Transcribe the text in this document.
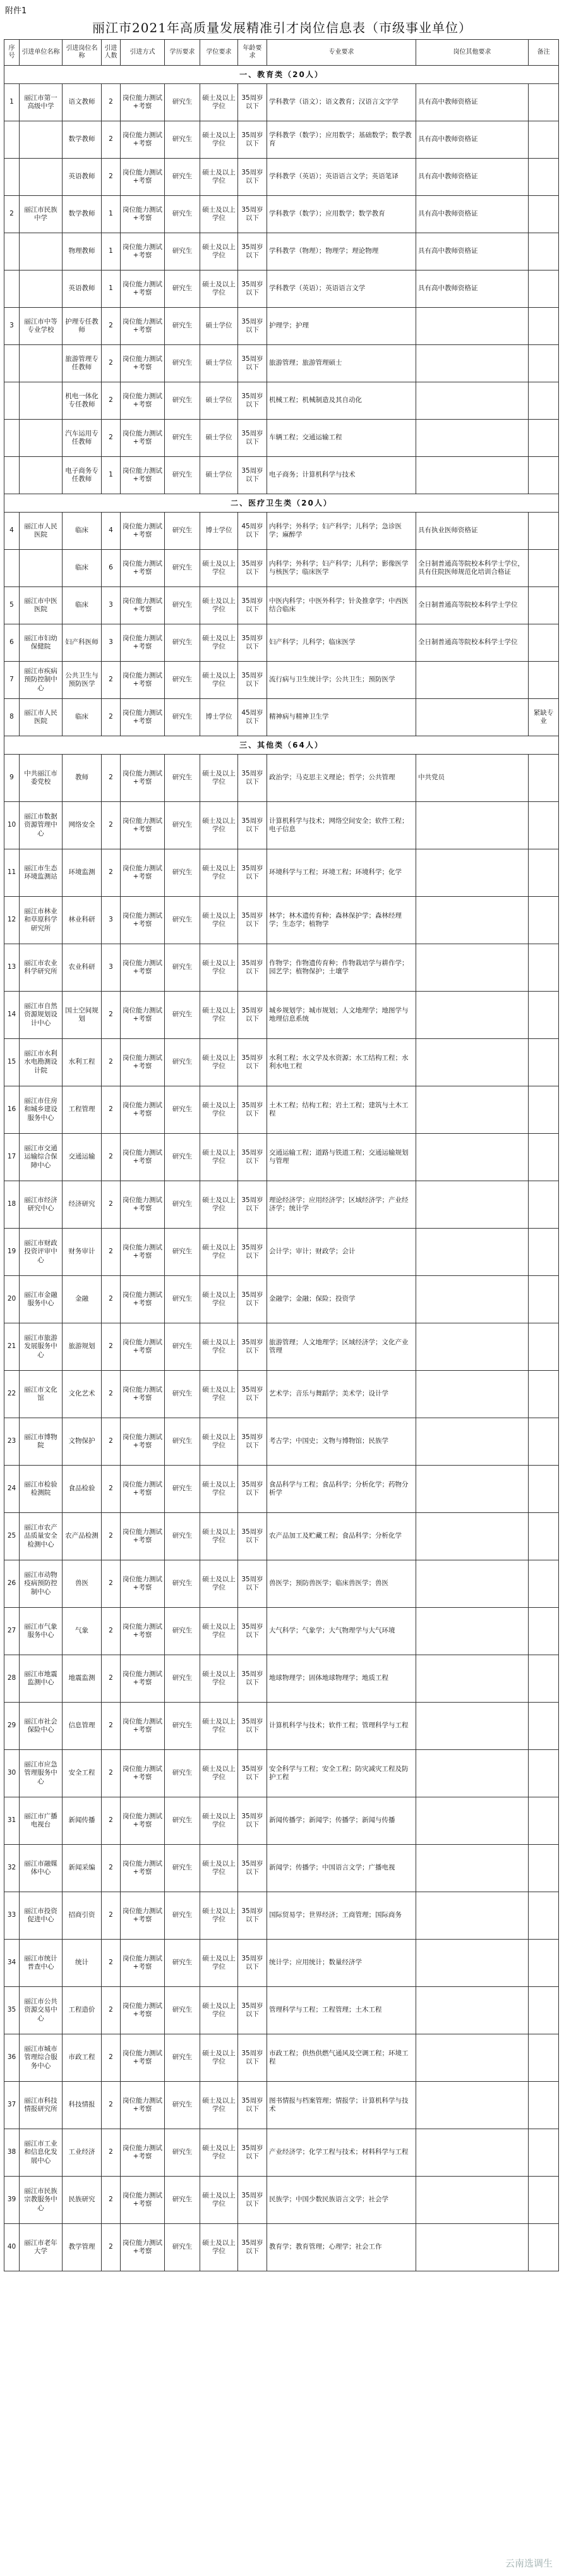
附件1
丽江市2021年高质量发展精准引才岗位信息表（市级事业单位）
序号	引进单位名称	引进岗位名称	引进人数	引进方式	学历要求	学位要求	年龄要求	专业要求	岗位其他要求	备注
一、教育类（20人）										
1	丽江市第一高级中学	语文教师	2	岗位能力测试+考察	研究生	硕士及以上学位	35周岁以下	学科教学（语文）；语文教育；汉语言文字学	具有高中教师资格证	
		数学教师	2	岗位能力测试+考察	研究生	硕士及以上学位	35周岁以下	学科教学（数学）；应用数学；基础数学；数学教育	具有高中教师资格证	
		英语教师	2	岗位能力测试+考察	研究生	硕士及以上学位	35周岁以下	学科教学（英语）；英语语言文学；英语笔译	具有高中教师资格证	
2	丽江市民族中学	数学教师	1	岗位能力测试+考察	研究生	硕士及以上学位	35周岁以下	学科教学（数学）；应用数学；数学教育	具有高中教师资格证	
		物理教师	1	岗位能力测试+考察	研究生	硕士及以上学位	35周岁以下	学科教学（物理）；物理学；理论物理	具有高中教师资格证	
		英语教师	1	岗位能力测试+考察	研究生	硕士及以上学位	35周岁以下	学科教学（英语）；英语语言文学	具有高中教师资格证	
3	丽江市中等专业学校	护理专任教师	2	岗位能力测试+考察	研究生	硕士学位	35周岁以下	护理学；护理		
		旅游管理专任教师	2	岗位能力测试+考察	研究生	硕士学位	35周岁以下	旅游管理；旅游管理硕士		
		机电一体化专任教师	2	岗位能力测试+考察	研究生	硕士学位	35周岁以下	机械工程；机械制造及其自动化		
		汽车运用专任教师	2	岗位能力测试+考察	研究生	硕士学位	35周岁以下	车辆工程；交通运输工程		
		电子商务专任教师	1	岗位能力测试+考察	研究生	硕士学位	35周岁以下	电子商务；计算机科学与技术		
二、医疗卫生类（20人）										
4	丽江市人民医院	临床	4	岗位能力测试+考察	研究生	博士学位	45周岁以下	内科学；外科学；妇产科学；儿科学；急诊医学；麻醉学	具有执业医师资格证	
		临床	6	岗位能力测试+考察	研究生	硕士及以上学位	35周岁以下	内科学；外科学；妇产科学；儿科学；影像医学与核医学；临床医学	全日制普通高等院校本科学士学位，具有住院医师规范化培训合格证	
5	丽江市中医医院	临床	3	岗位能力测试+考察	研究生	硕士及以上学位	35周岁以下	中医内科学；中医外科学；针灸推拿学；中西医结合临床	全日制普通高等院校本科学士学位	
6	丽江市妇幼保健院	妇产科医师	3	岗位能力测试+考察	研究生	硕士及以上学位	35周岁以下	妇产科学；儿科学；临床医学	全日制普通高等院校本科学士学位	
7	丽江市疾病预防控制中心	公共卫生与预防医学	2	岗位能力测试+考察	研究生	硕士及以上学位	35周岁以下	流行病与卫生统计学；公共卫生；预防医学		
8	丽江市人民医院	临床	2	岗位能力测试+考察	研究生	博士学位	45周岁以下	精神病与精神卫生学		紧缺专业
三、其他类（64人）										
9	中共丽江市委党校	教师	2	岗位能力测试+考察	研究生	硕士及以上学位	35周岁以下	政治学；马克思主义理论；哲学；公共管理	中共党员	
10	丽江市数据资源管理中心	网络安全	2	岗位能力测试+考察	研究生	硕士及以上学位	35周岁以下	计算机科学与技术；网络空间安全；软件工程；电子信息		
11	丽江市生态环境监测站	环境监测	2	岗位能力测试+考察	研究生	硕士及以上学位	35周岁以下	环境科学与工程；环境工程；环境科学；化学		
12	丽江市林业和草原科学研究所	林业科研	3	岗位能力测试+考察	研究生	硕士及以上学位	35周岁以下	林学；林木遗传育种；森林保护学；森林经理学；生态学；植物学		
13	丽江市农业科学研究所	农业科研	3	岗位能力测试+考察	研究生	硕士及以上学位	35周岁以下	作物学；作物遗传育种；作物栽培学与耕作学；园艺学；植物保护；土壤学		
14	丽江市自然资源规划设计中心	国土空间规划	2	岗位能力测试+考察	研究生	硕士及以上学位	35周岁以下	城乡规划学；城市规划；人文地理学；地图学与地理信息系统		
15	丽江市水利水电勘测设计院	水利工程	2	岗位能力测试+考察	研究生	硕士及以上学位	35周岁以下	水利工程；水文学及水资源；水工结构工程；水利水电工程		
16	丽江市住房和城乡建设服务中心	工程管理	2	岗位能力测试+考察	研究生	硕士及以上学位	35周岁以下	土木工程；结构工程；岩土工程；建筑与土木工程		
17	丽江市交通运输综合保障中心	交通运输	2	岗位能力测试+考察	研究生	硕士及以上学位	35周岁以下	交通运输工程；道路与铁道工程；交通运输规划与管理		
18	丽江市经济研究中心	经济研究	2	岗位能力测试+考察	研究生	硕士及以上学位	35周岁以下	理论经济学；应用经济学；区域经济学；产业经济学；统计学		
19	丽江市财政投资评审中心	财务审计	2	岗位能力测试+考察	研究生	硕士及以上学位	35周岁以下	会计学；审计；财政学；会计		
20	丽江市金融服务中心	金融	2	岗位能力测试+考察	研究生	硕士及以上学位	35周岁以下	金融学；金融；保险；投资学		
21	丽江市旅游发展服务中心	旅游规划	2	岗位能力测试+考察	研究生	硕士及以上学位	35周岁以下	旅游管理；人文地理学；区域经济学；文化产业管理		
22	丽江市文化馆	文化艺术	2	岗位能力测试+考察	研究生	硕士及以上学位	35周岁以下	艺术学；音乐与舞蹈学；美术学；设计学		
23	丽江市博物院	文物保护	2	岗位能力测试+考察	研究生	硕士及以上学位	35周岁以下	考古学；中国史；文物与博物馆；民族学		
24	丽江市检验检测院	食品检验	2	岗位能力测试+考察	研究生	硕士及以上学位	35周岁以下	食品科学与工程；食品科学；分析化学；药物分析学		
25	丽江市农产品质量安全检测中心	农产品检测	2	岗位能力测试+考察	研究生	硕士及以上学位	35周岁以下	农产品加工及贮藏工程；食品科学；分析化学		
26	丽江市动物疫病预防控制中心	兽医	2	岗位能力测试+考察	研究生	硕士及以上学位	35周岁以下	兽医学；预防兽医学；临床兽医学；兽医		
27	丽江市气象服务中心	气象	2	岗位能力测试+考察	研究生	硕士及以上学位	35周岁以下	大气科学；气象学；大气物理学与大气环境		
28	丽江市地震监测中心	地震监测	2	岗位能力测试+考察	研究生	硕士及以上学位	35周岁以下	地球物理学；固体地球物理学；地质工程		
29	丽江市社会保险中心	信息管理	2	岗位能力测试+考察	研究生	硕士及以上学位	35周岁以下	计算机科学与技术；软件工程；管理科学与工程		
30	丽江市应急管理服务中心	安全工程	2	岗位能力测试+考察	研究生	硕士及以上学位	35周岁以下	安全科学与工程；安全工程；防灾减灾工程及防护工程		
31	丽江市广播电视台	新闻传播	2	岗位能力测试+考察	研究生	硕士及以上学位	35周岁以下	新闻传播学；新闻学；传播学；新闻与传播		
32	丽江市融媒体中心	新闻采编	2	岗位能力测试+考察	研究生	硕士及以上学位	35周岁以下	新闻学；传播学；中国语言文学；广播电视		
33	丽江市投资促进中心	招商引资	2	岗位能力测试+考察	研究生	硕士及以上学位	35周岁以下	国际贸易学；世界经济；工商管理；国际商务		
34	丽江市统计普查中心	统计	2	岗位能力测试+考察	研究生	硕士及以上学位	35周岁以下	统计学；应用统计；数量经济学		
35	丽江市公共资源交易中心	工程造价	2	岗位能力测试+考察	研究生	硕士及以上学位	35周岁以下	管理科学与工程；工程管理；土木工程		
36	丽江市城市管理综合服务中心	市政工程	2	岗位能力测试+考察	研究生	硕士及以上学位	35周岁以下	市政工程；供热供燃气通风及空调工程；环境工程		
37	丽江市科技情报研究所	科技情报	2	岗位能力测试+考察	研究生	硕士及以上学位	35周岁以下	图书情报与档案管理；情报学；计算机科学与技术		
38	丽江市工业和信息化发展中心	工业经济	2	岗位能力测试+考察	研究生	硕士及以上学位	35周岁以下	产业经济学；化学工程与技术；材料科学与工程		
39	丽江市民族宗教服务中心	民族研究	2	岗位能力测试+考察	研究生	硕士及以上学位	35周岁以下	民族学；中国少数民族语言文学；社会学		
40	丽江市老年大学	教学管理	2	岗位能力测试+考察	研究生	硕士及以上学位	35周岁以下	教育学；教育管理；心理学；社会工作		
云南选调生
